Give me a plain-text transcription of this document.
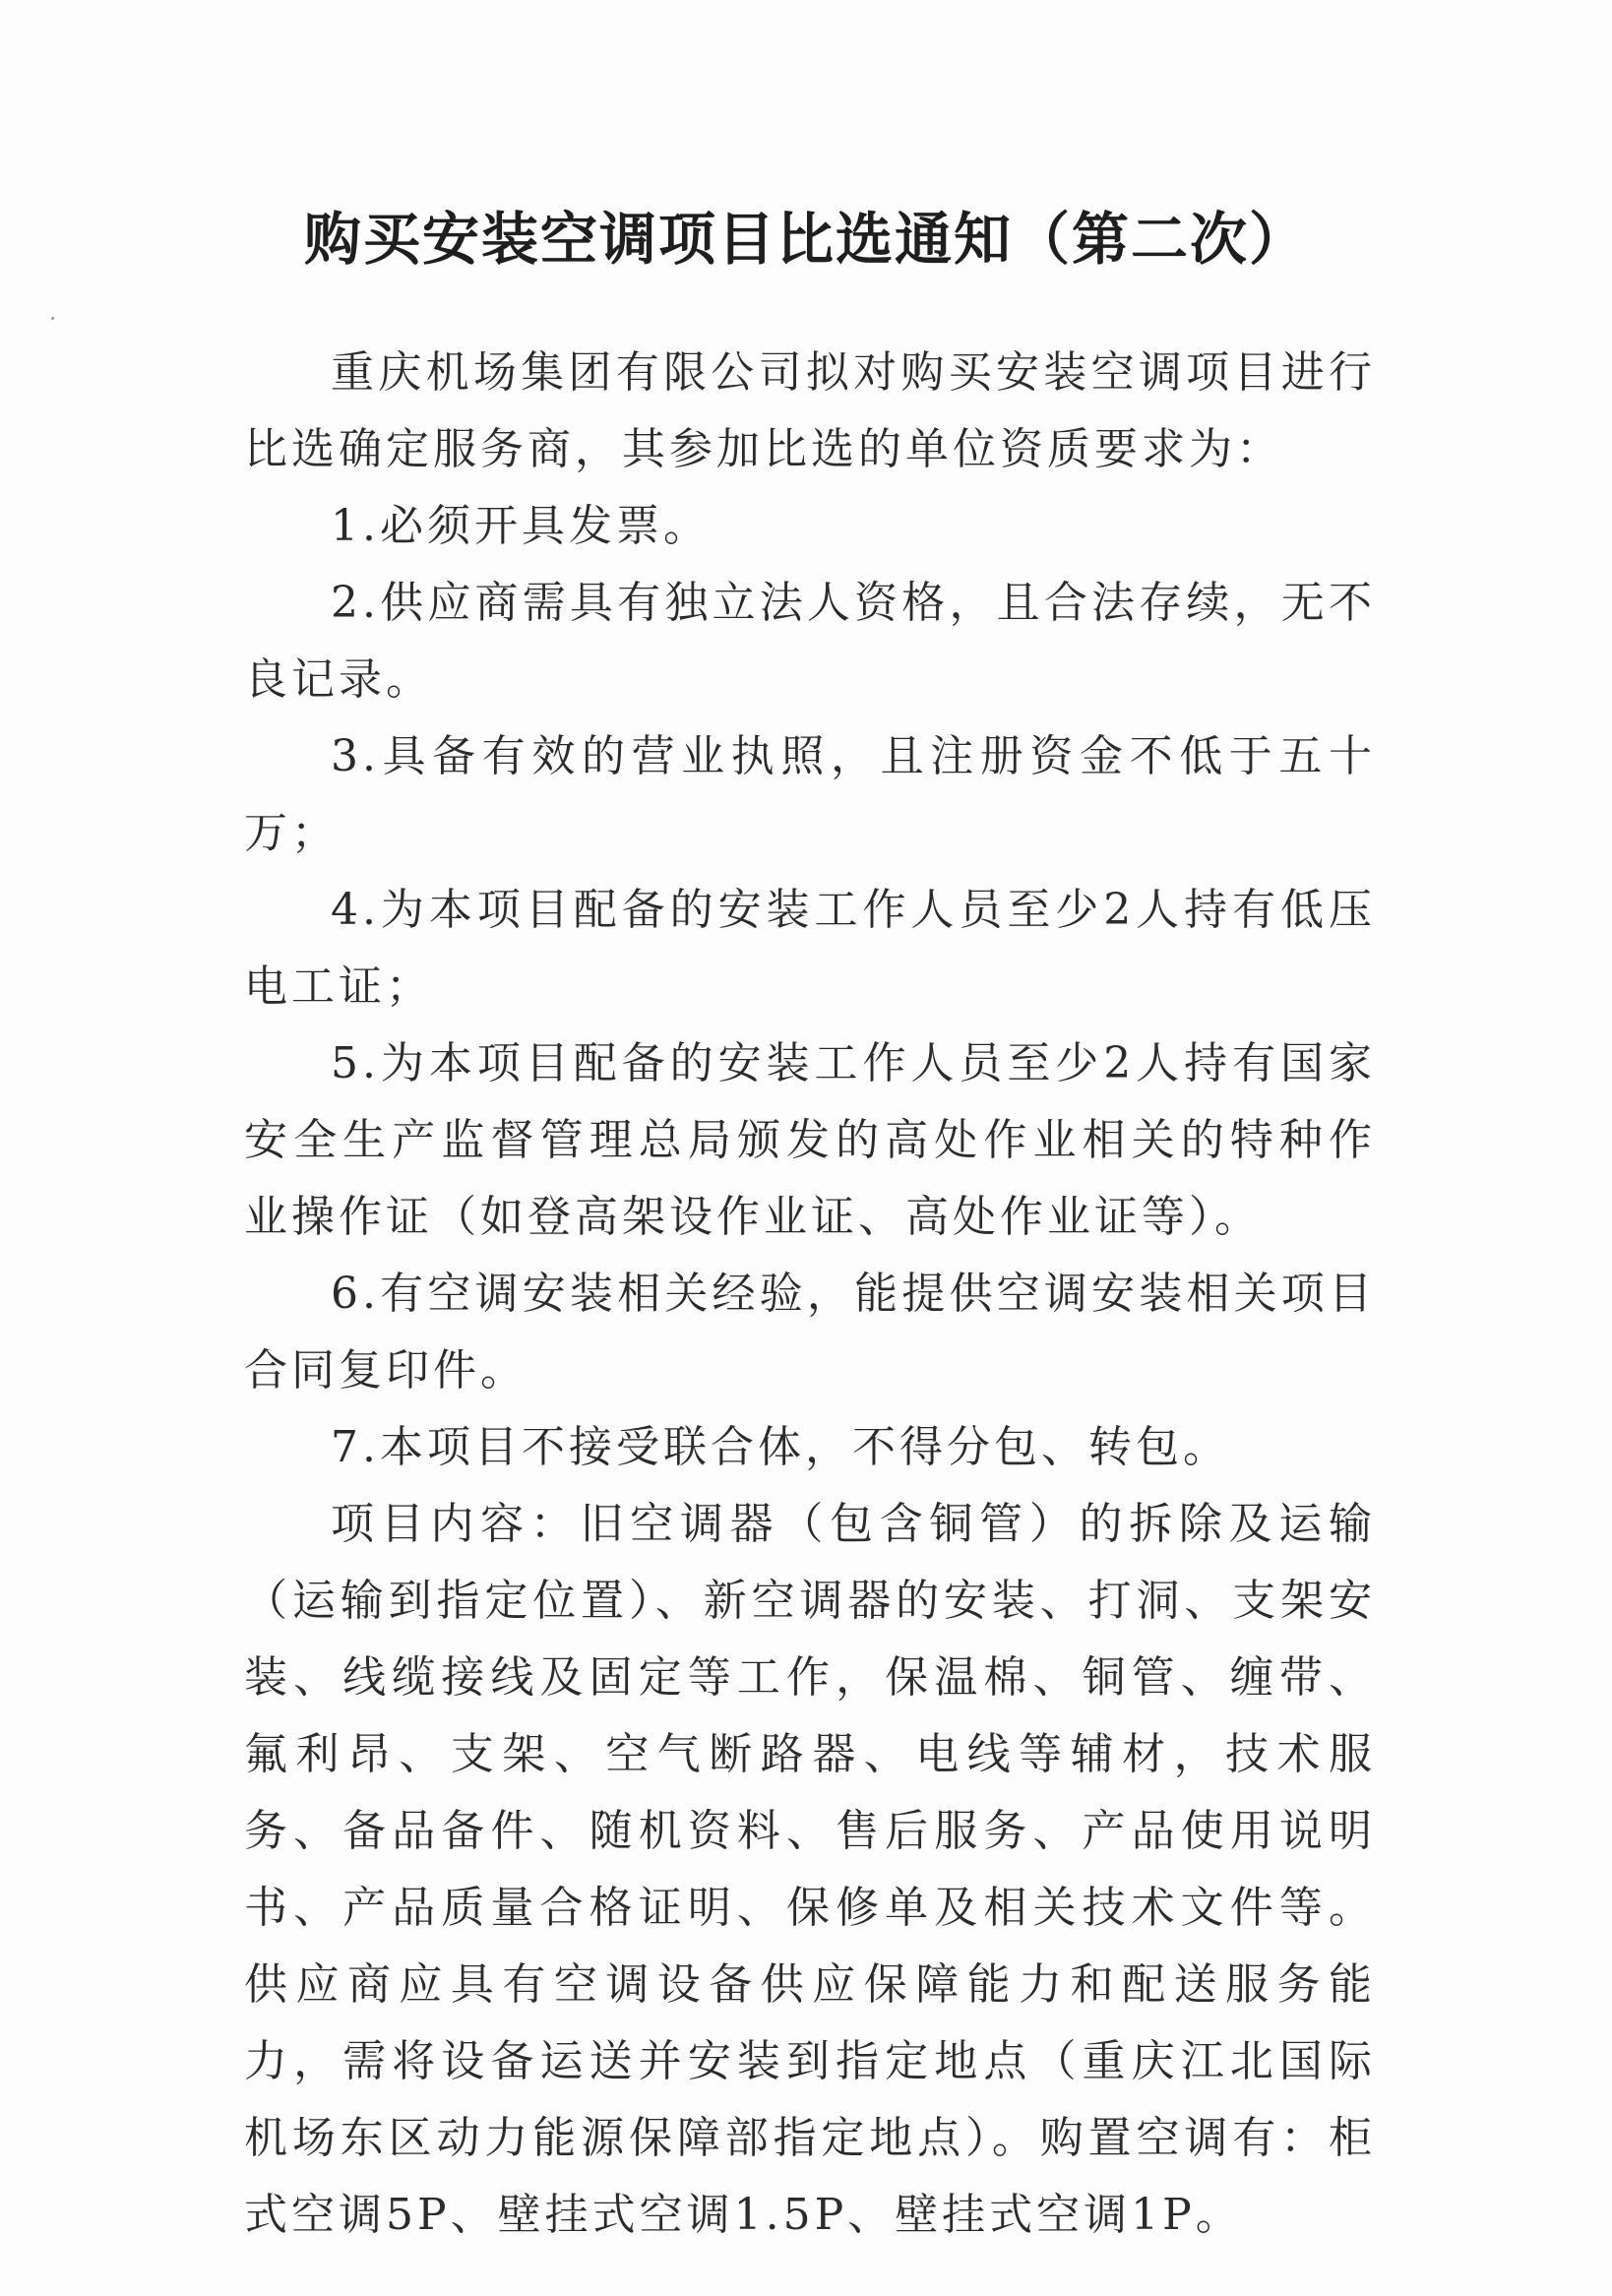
购买安装空调项目比选通知（第二次）

重庆机场集团有限公司拟对购买安装空调项目进行比选确定服务商，其参加比选的单位资质要求为：

1.必须开具发票。

2.供应商需具有独立法人资格，且合法存续，无不良记录。

3.具备有效的营业执照，且注册资金不低于五十万；

4.为本项目配备的安装工作人员至少2人持有低压电工证；

5.为本项目配备的安装工作人员至少2人持有国家安全生产监督管理总局颁发的高处作业相关的特种作业操作证（如登高架设作业证、高处作业证等）。

6.有空调安装相关经验，能提供空调安装相关项目合同复印件。

7.本项目不接受联合体，不得分包、转包。

项目内容：旧空调器（包含铜管）的拆除及运输（运输到指定位置）、新空调器的安装、打洞、支架安装、线缆接线及固定等工作，保温棉、铜管、缠带、氟利昂、支架、空气断路器、电线等辅材，技术服务、备品备件、随机资料、售后服务、产品使用说明书、产品质量合格证明、保修单及相关技术文件等。供应商应具有空调设备供应保障能力和配送服务能力，需将设备运送并安装到指定地点（重庆江北国际机场东区动力能源保障部指定地点）。购置空调有：柜式空调5P、壁挂式空调1.5P、壁挂式空调1P。
